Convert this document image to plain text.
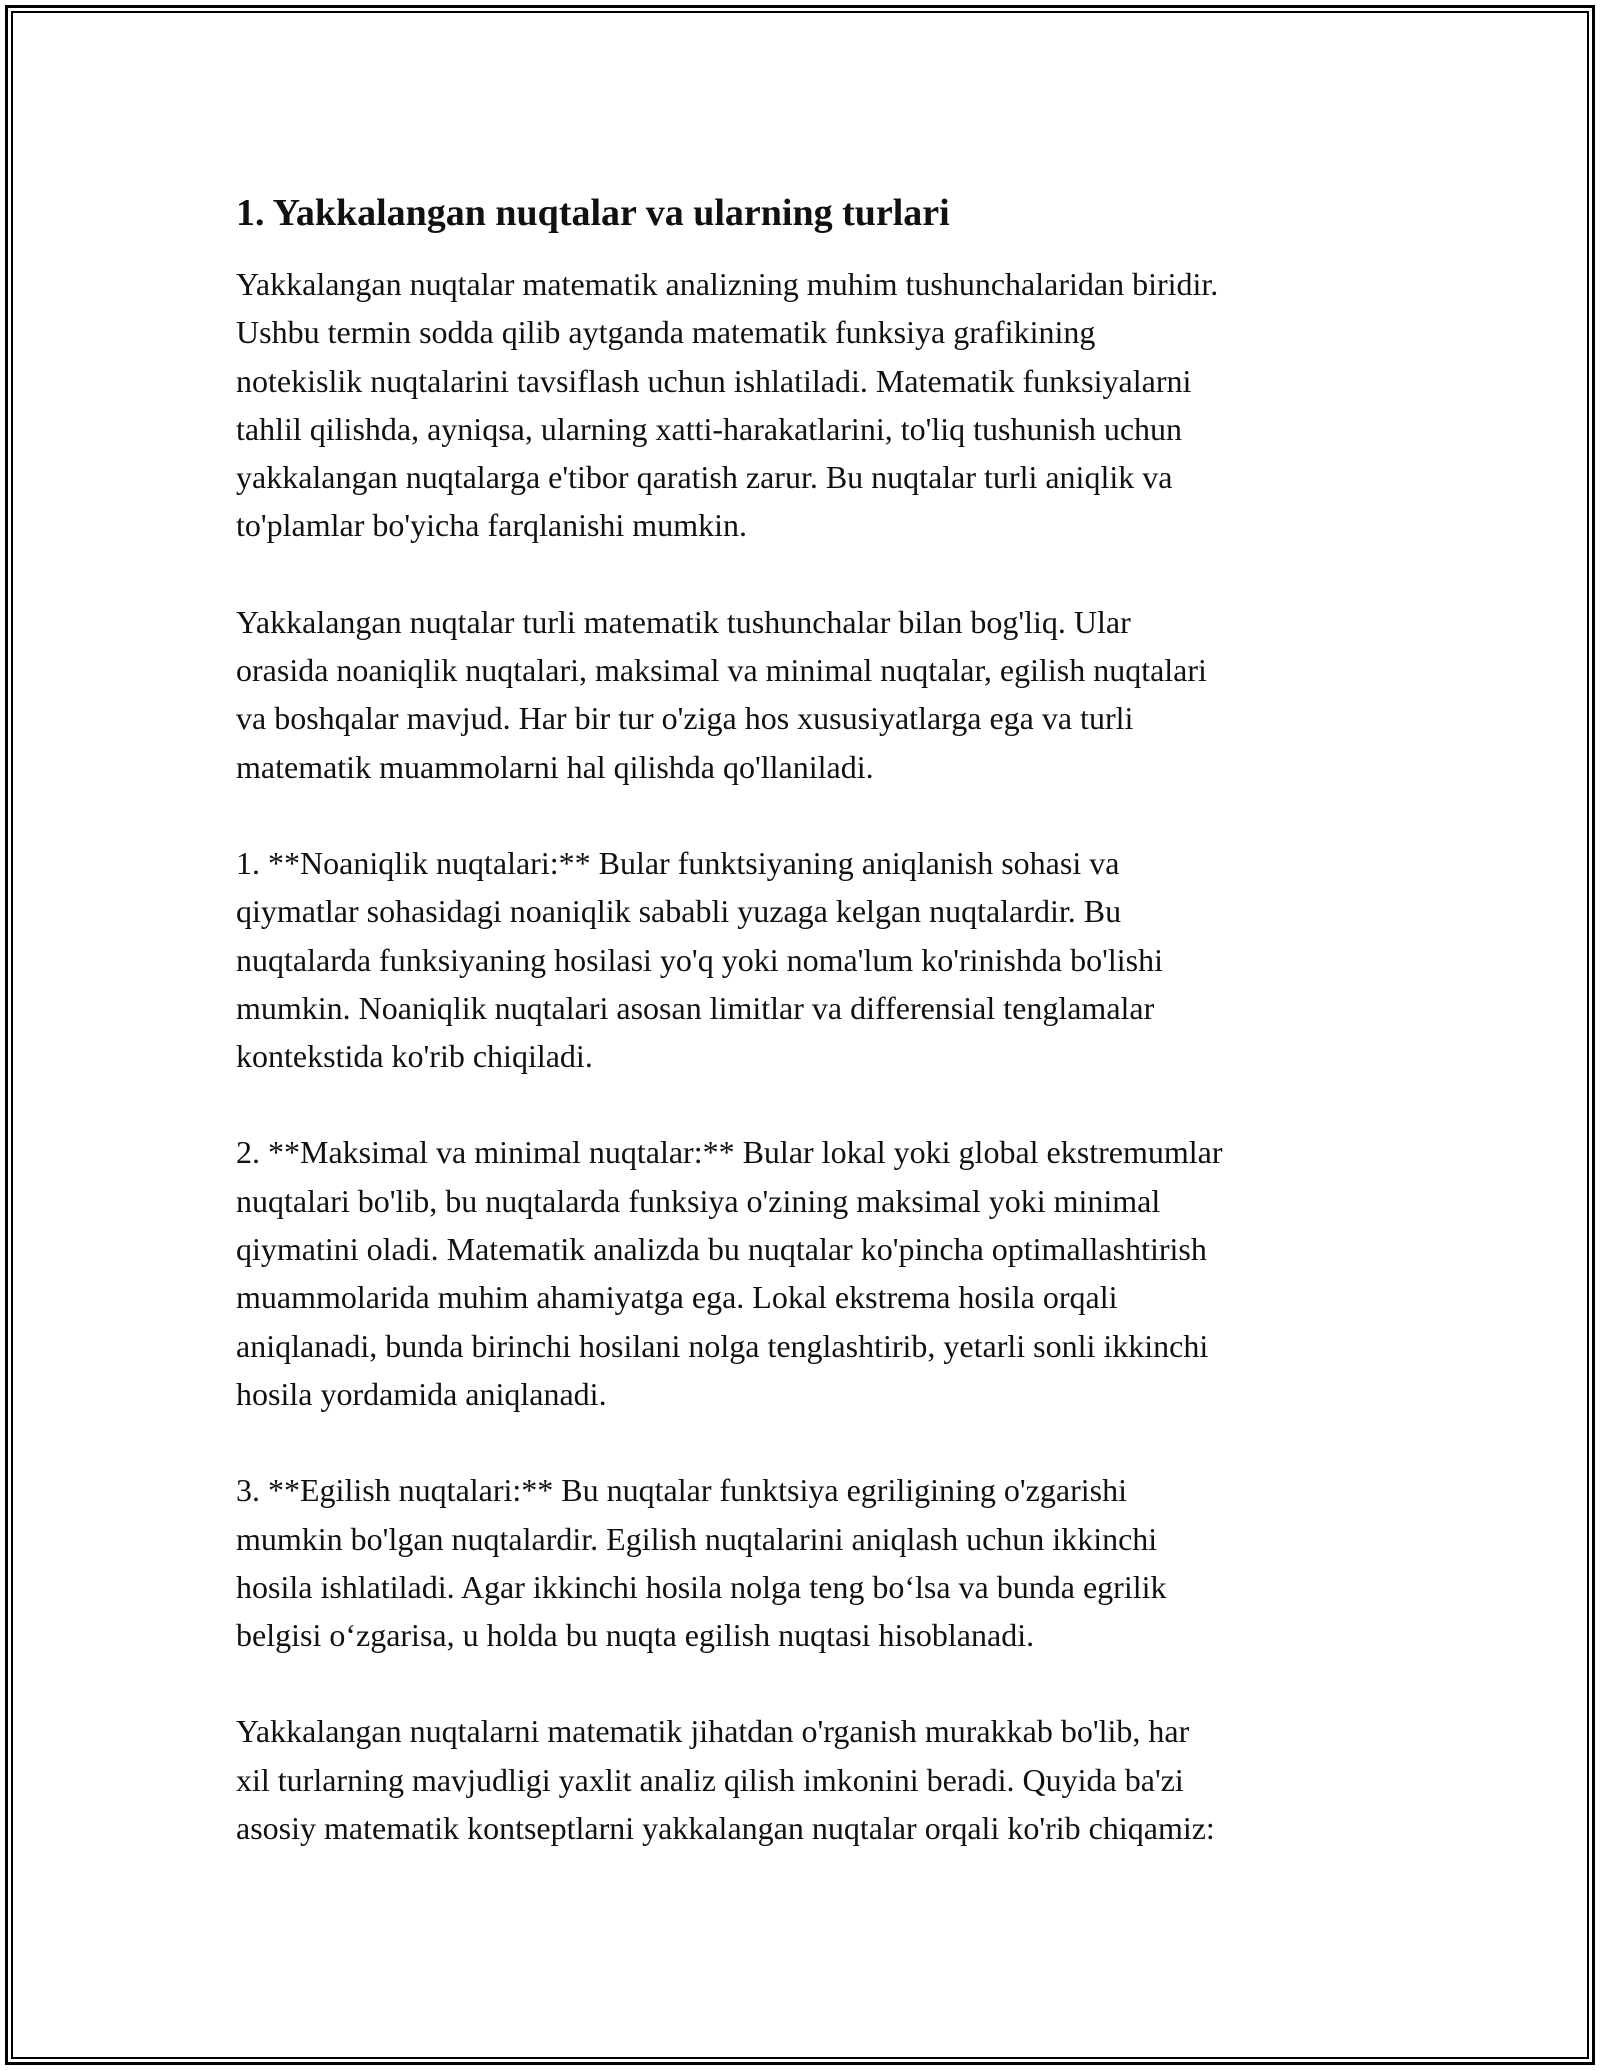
1. Yakkalangan nuqtalar va ularning turlari

Yakkalangan nuqtalar matematik analizning muhim tushunchalaridan biridir.
Ushbu termin sodda qilib aytganda matematik funksiya grafikining
notekislik nuqtalarini tavsiflash uchun ishlatiladi. Matematik funksiyalarni
tahlil qilishda, ayniqsa, ularning xatti-harakatlarini, to'liq tushunish uchun
yakkalangan nuqtalarga e'tibor qaratish zarur. Bu nuqtalar turli aniqlik va
to'plamlar bo'yicha farqlanishi mumkin.

Yakkalangan nuqtalar turli matematik tushunchalar bilan bog'liq. Ular
orasida noaniqlik nuqtalari, maksimal va minimal nuqtalar, egilish nuqtalari
va boshqalar mavjud. Har bir tur o'ziga hos xususiyatlarga ega va turli
matematik muammolarni hal qilishda qo'llaniladi.

1. **Noaniqlik nuqtalari:** Bular funktsiyaning aniqlanish sohasi va
qiymatlar sohasidagi noaniqlik sababli yuzaga kelgan nuqtalardir. Bu
nuqtalarda funksiyaning hosilasi yo'q yoki noma'lum ko'rinishda bo'lishi
mumkin. Noaniqlik nuqtalari asosan limitlar va differensial tenglamalar
kontekstida ko'rib chiqiladi.

2. **Maksimal va minimal nuqtalar:** Bular lokal yoki global ekstremumlar
nuqtalari bo'lib, bu nuqtalarda funksiya o'zining maksimal yoki minimal
qiymatini oladi. Matematik analizda bu nuqtalar ko'pincha optimallashtirish
muammolarida muhim ahamiyatga ega. Lokal ekstrema hosila orqali
aniqlanadi, bunda birinchi hosilani nolga tenglashtirib, yetarli sonli ikkinchi
hosila yordamida aniqlanadi.

3. **Egilish nuqtalari:** Bu nuqtalar funktsiya egriligining o'zgarishi
mumkin bo'lgan nuqtalardir. Egilish nuqtalarini aniqlash uchun ikkinchi
hosila ishlatiladi. Agar ikkinchi hosila nolga teng bo‘lsa va bunda egrilik
belgisi o‘zgarisa, u holda bu nuqta egilish nuqtasi hisoblanadi.

Yakkalangan nuqtalarni matematik jihatdan o'rganish murakkab bo'lib, har
xil turlarning mavjudligi yaxlit analiz qilish imkonini beradi. Quyida ba'zi
asosiy matematik kontseptlarni yakkalangan nuqtalar orqali ko'rib chiqamiz:
